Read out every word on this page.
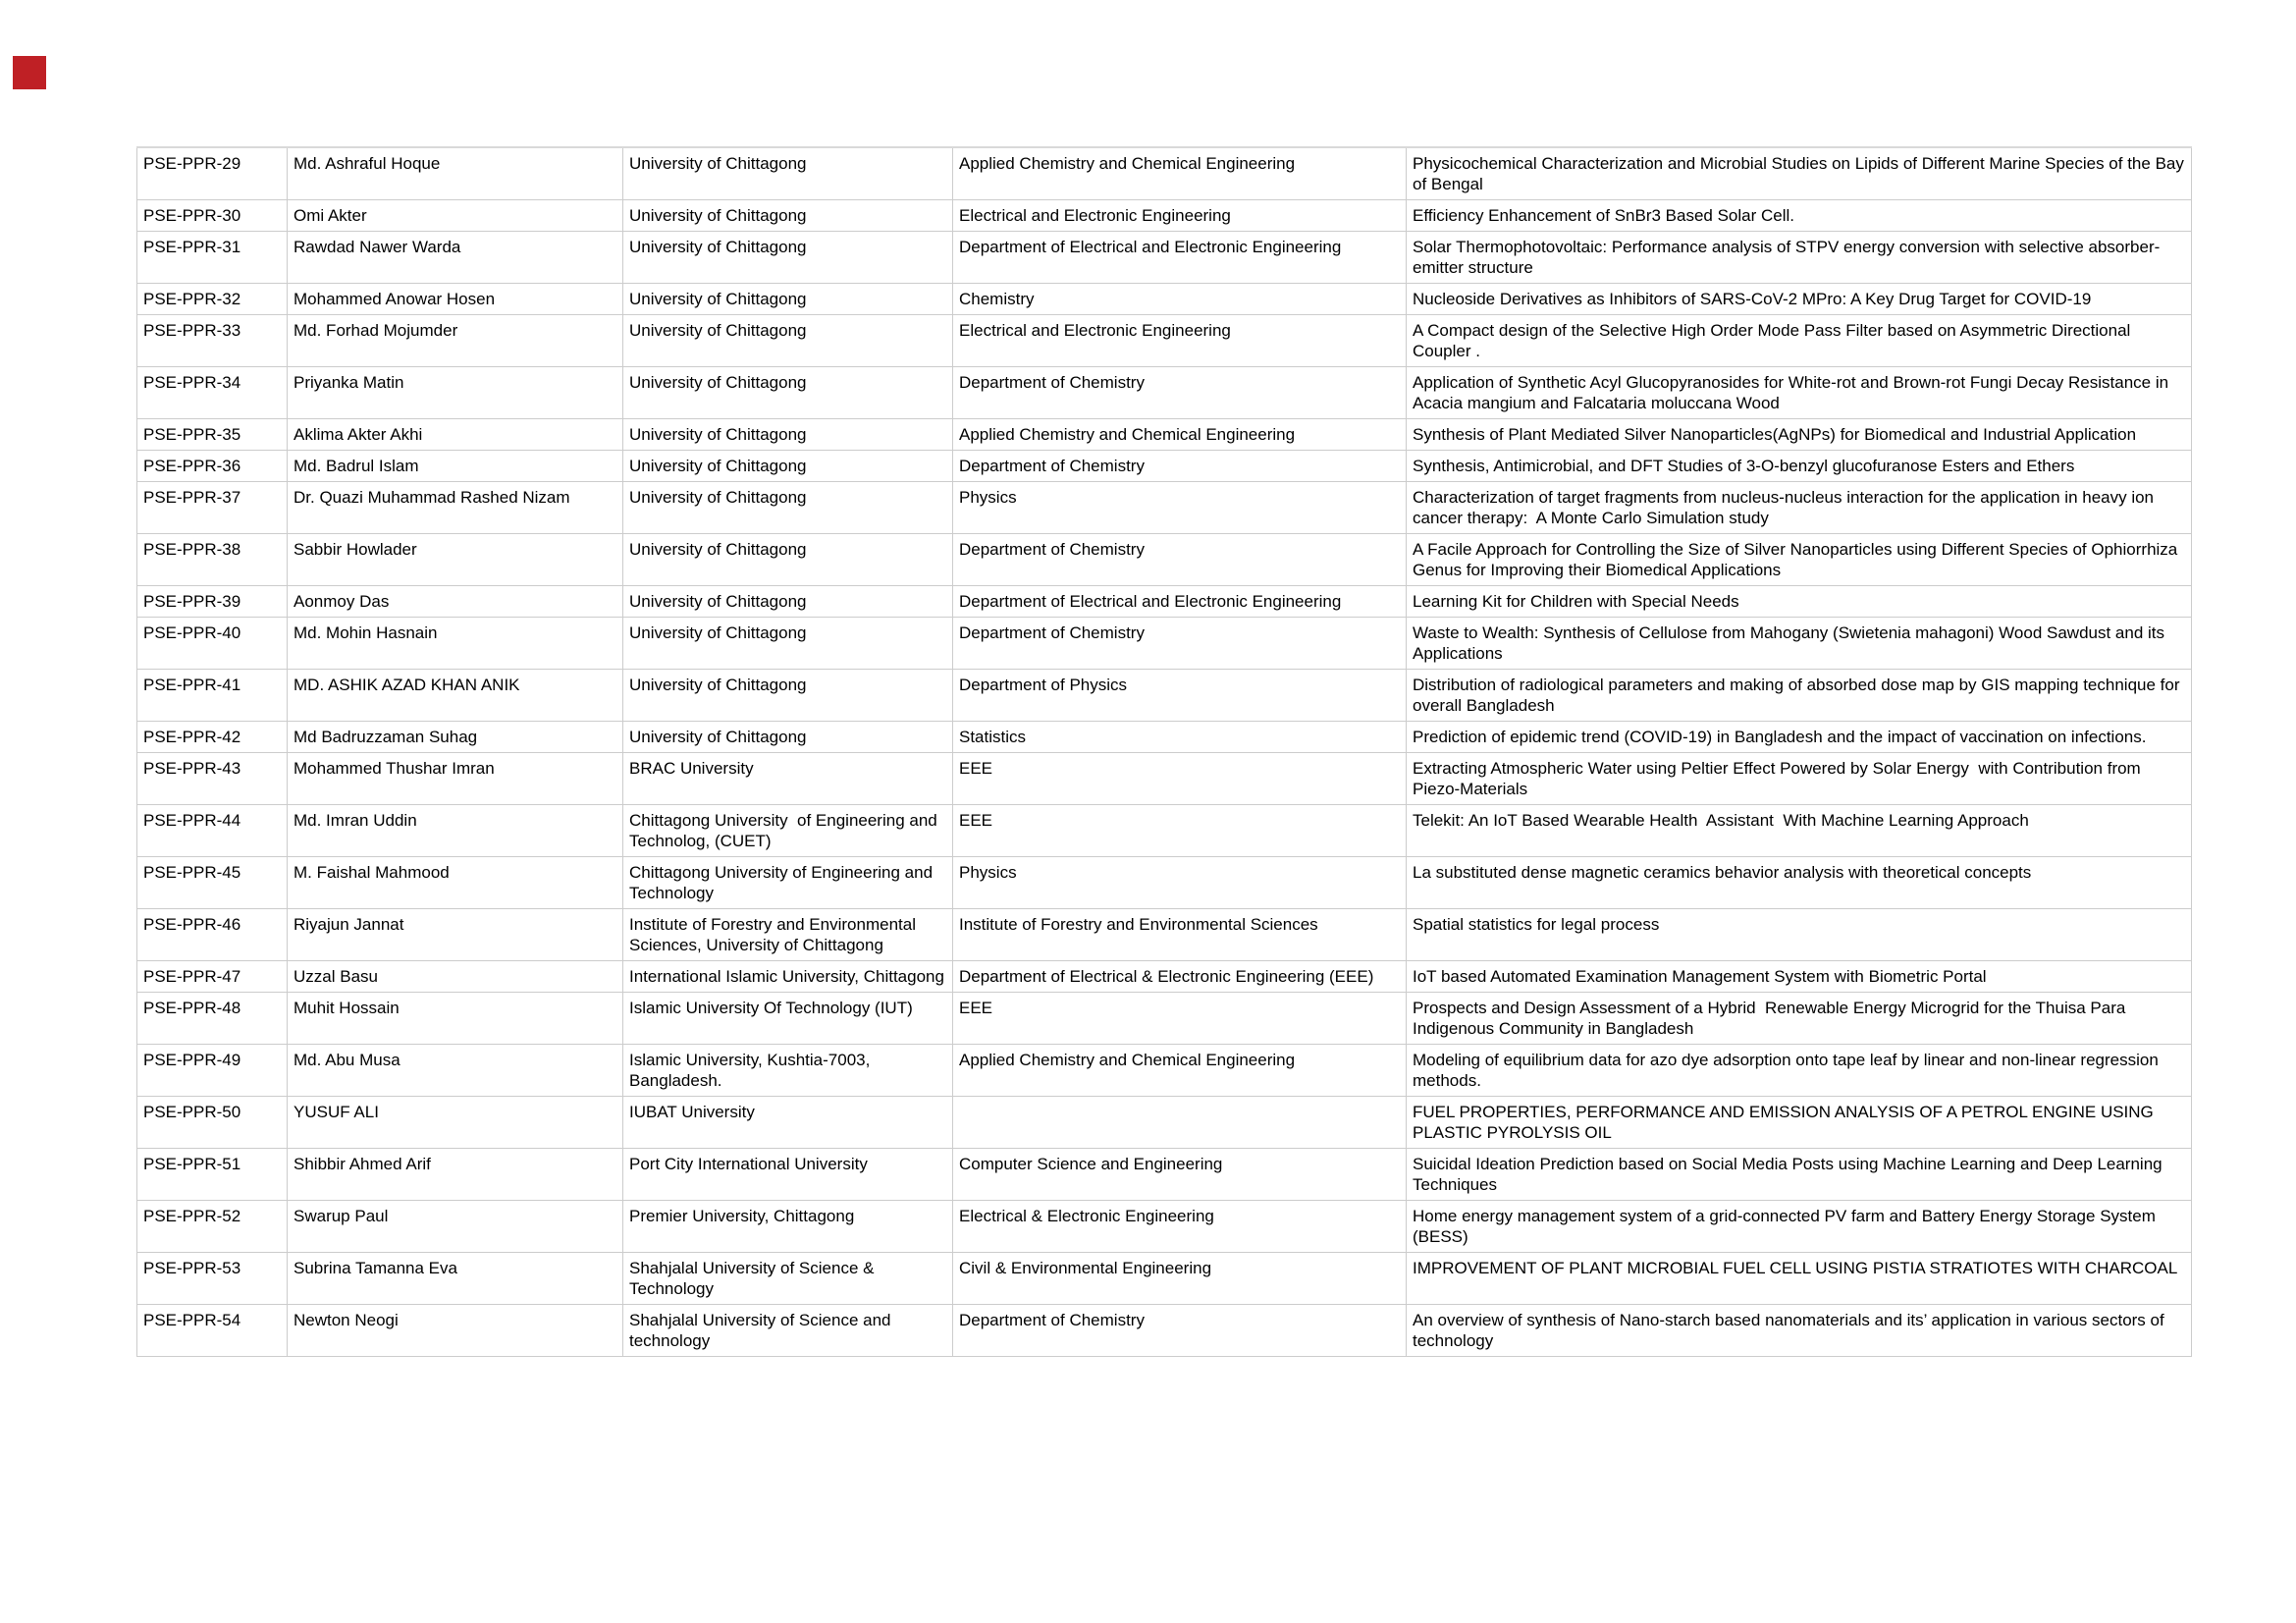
PSE-PPR-29	Md. Ashraful Hoque	University of Chittagong	Applied Chemistry and Chemical Engineering	Physicochemical Characterization and Microbial Studies on Lipids of Different Marine Species of the Bay of Bengal
PSE-PPR-30	Omi Akter	University of Chittagong	Electrical and Electronic Engineering	Efficiency Enhancement of SnBr3 Based Solar Cell.
PSE-PPR-31	Rawdad Nawer Warda	University of Chittagong	Department of Electrical and Electronic Engineering	Solar Thermophotovoltaic: Performance analysis of STPV energy conversion with selective absorber-emitter structure
PSE-PPR-32	Mohammed Anowar Hosen	University of Chittagong	Chemistry	Nucleoside Derivatives as Inhibitors of SARS-CoV-2 MPro: A Key Drug Target for COVID-19
PSE-PPR-33	Md. Forhad Mojumder	University of Chittagong	Electrical and Electronic Engineering	A Compact design of the Selective High Order Mode Pass Filter based on Asymmetric Directional Coupler .
PSE-PPR-34	Priyanka Matin	University of Chittagong	Department of Chemistry	Application of Synthetic Acyl Glucopyranosides for White-rot and Brown-rot Fungi Decay Resistance in Acacia mangium and Falcataria moluccana Wood
PSE-PPR-35	Aklima Akter Akhi	University of Chittagong	Applied Chemistry and Chemical Engineering	Synthesis of Plant Mediated Silver Nanoparticles(AgNPs) for Biomedical and Industrial Application
PSE-PPR-36	Md. Badrul Islam	University of Chittagong	Department of Chemistry	Synthesis, Antimicrobial, and DFT Studies of 3-O-benzyl glucofuranose Esters and Ethers
PSE-PPR-37	Dr. Quazi Muhammad Rashed Nizam	University of Chittagong	Physics	Characterization of target fragments from nucleus-nucleus interaction for the application in heavy ion cancer therapy:  A Monte Carlo Simulation study
PSE-PPR-38	Sabbir Howlader	University of Chittagong	Department of Chemistry	A Facile Approach for Controlling the Size of Silver Nanoparticles using Different Species of Ophiorrhiza Genus for Improving their Biomedical Applications
PSE-PPR-39	Aonmoy Das	University of Chittagong	Department of Electrical and Electronic Engineering	Learning Kit for Children with Special Needs
PSE-PPR-40	Md. Mohin Hasnain	University of Chittagong	Department of Chemistry	Waste to Wealth: Synthesis of Cellulose from Mahogany (Swietenia mahagoni) Wood Sawdust and its Applications
PSE-PPR-41	MD. ASHIK AZAD KHAN ANIK	University of Chittagong	Department of Physics	Distribution of radiological parameters and making of absorbed dose map by GIS mapping technique for overall Bangladesh
PSE-PPR-42	Md Badruzzaman Suhag	University of Chittagong	Statistics	Prediction of epidemic trend (COVID-19) in Bangladesh and the impact of vaccination on infections.
PSE-PPR-43	Mohammed Thushar Imran	BRAC University	EEE	Extracting Atmospheric Water using Peltier Effect Powered by Solar Energy  with Contribution from Piezo-Materials
PSE-PPR-44	Md. Imran Uddin	Chittagong University  of Engineering and Technolog, (CUET)	EEE	Telekit: An IoT Based Wearable Health  Assistant  With Machine Learning Approach
PSE-PPR-45	M. Faishal Mahmood	Chittagong University of Engineering and Technology	Physics	La substituted dense magnetic ceramics behavior analysis with theoretical concepts
PSE-PPR-46	Riyajun Jannat	Institute of Forestry and Environmental Sciences, University of Chittagong	Institute of Forestry and Environmental Sciences	Spatial statistics for legal process
PSE-PPR-47	Uzzal Basu	International Islamic University, Chittagong	Department of Electrical & Electronic Engineering (EEE)	IoT based Automated Examination Management System with Biometric Portal
PSE-PPR-48	Muhit Hossain	Islamic University Of Technology (IUT)	EEE	Prospects and Design Assessment of a Hybrid  Renewable Energy Microgrid for the Thuisa Para  Indigenous Community in Bangladesh
PSE-PPR-49	Md. Abu Musa	Islamic University, Kushtia-7003, Bangladesh.	Applied Chemistry and Chemical Engineering	Modeling of equilibrium data for azo dye adsorption onto tape leaf by linear and non-linear regression methods.
PSE-PPR-50	YUSUF ALI	IUBAT University		FUEL PROPERTIES, PERFORMANCE AND EMISSION ANALYSIS OF A PETROL ENGINE USING PLASTIC PYROLYSIS OIL
PSE-PPR-51	Shibbir Ahmed Arif	Port City International University	Computer Science and Engineering	Suicidal Ideation Prediction based on Social Media Posts using Machine Learning and Deep Learning Techniques
PSE-PPR-52	Swarup Paul	Premier University, Chittagong	Electrical & Electronic Engineering	Home energy management system of a grid-connected PV farm and Battery Energy Storage System (BESS)
PSE-PPR-53	Subrina Tamanna Eva	Shahjalal University of Science & Technology	Civil & Environmental Engineering	IMPROVEMENT OF PLANT MICROBIAL FUEL CELL USING PISTIA STRATIOTES WITH CHARCOAL
PSE-PPR-54	Newton Neogi	Shahjalal University of Science and technology	Department of Chemistry	An overview of synthesis of Nano-starch based nanomaterials and its’ application in various sectors of technology
